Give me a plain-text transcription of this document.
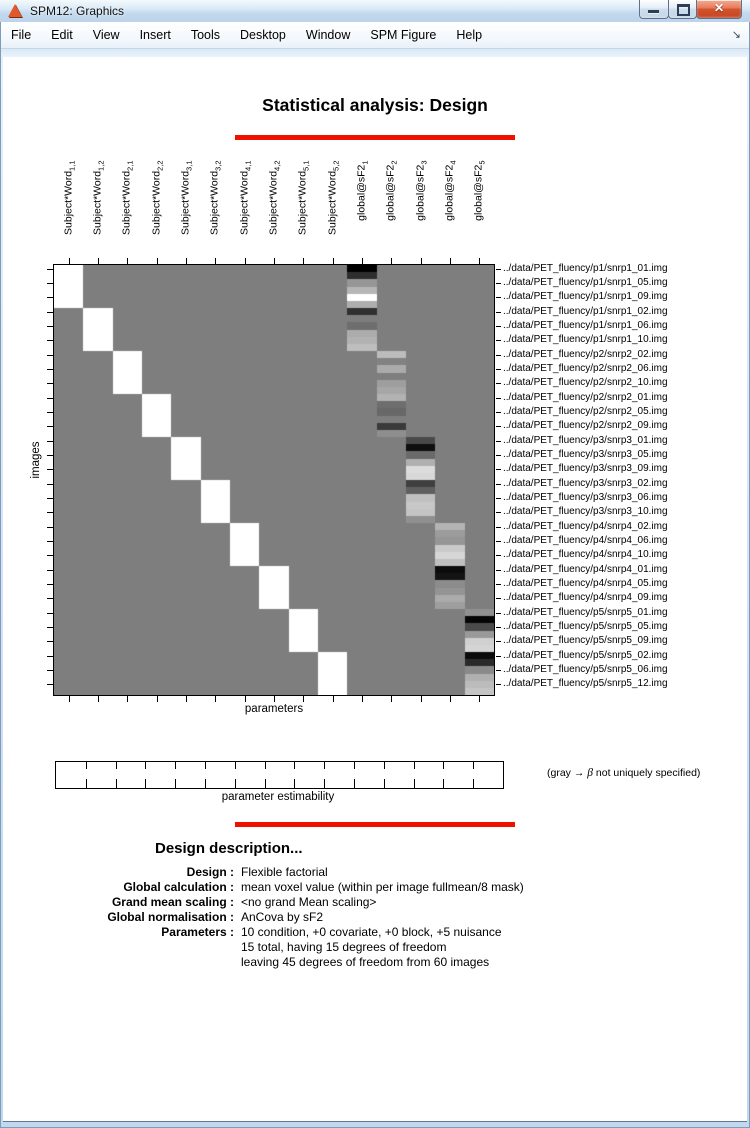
SPM12: Graphics	✕
File	Edit	View	Insert	Tools	Desktop	Window	SPM Figure	Help	↘
Statistical analysis: Design
Subject*Word$_{1,1}$
Subject*Word$_{1,2}$
Subject*Word$_{2,1}$
Subject*Word$_{2,2}$
Subject*Word$_{3,1}$
Subject*Word$_{3,2}$
Subject*Word$_{4,1}$
Subject*Word$_{4,2}$
Subject*Word$_{5,1}$
Subject*Word$_{5,2}$ $global@sF2_1$
$global@sF2_2$
$global@sF2_3$
$global@sF2_4$
$global@sF2_5$
../data/PET_fluency/p1/snrp1_01.img
../data/PET_fluency/p1/snrp1_05.img
../data/PET_fluency/p1/snrp1_09.img
../data/PET_fluency/p1/snrp1_02.img
../data/PET_fluency/p1/snrp1_06.img
../data/PET_fluency/p1/snrp1_10.img
../data/PET_fluency/p2/snrp2_02.img
../data/PET_fluency/p2/snrp2_06.img
../data/PET_fluency/p2/snrp2_10.img
../data/PET_fluency/p2/snrp2_01.img
../data/PET_fluency/p2/snrp2_05.img
../data/PET_fluency/p2/snrp2_09.img
../data/PET_fluency/p3/snrp3_01.img
../data/PET_fluency/p3/snrp3_05.img
../data/PET_fluency/p3/snrp3_09.img
../data/PET_fluency/p3/snrp3_02.img
../data/PET_fluency/p3/snrp3_06.img
../data/PET_fluency/p3/snrp3_10.img
../data/PET_fluency/p4/snrp4_02.img
../data/PET_fluency/p4/snrp4_06.img
../data/PET_fluency/p4/snrp4_10.img
../data/PET_fluency/p4/snrp4_01.img
../data/PET_fluency/p4/snrp4_05.img
../data/PET_fluency/p4/snrp4_09.img
../data/PET_fluency/p5/snrp5_01.img
../data/PET_fluency/p5/snrp5_05.img
../data/PET_fluency/p5/snrp5_09.img
../data/PET_fluency/p5/snrp5_02.img
../data/PET_fluency/p5/snrp5_06.img
../data/PET_fluency/p5/snrp5_12.img
images
parameters
parameter estimability
(gray → β not uniquely specified)
Design description...
Design : Flexible factorial
Global calculation : mean voxel value (within per image fullmean/8 mask)
Grand mean scaling : <no grand Mean scaling>
Global normalisation : AnCova by sF2
Parameters : 10 condition, +0 covariate, +0 block, +5 nuisance
15 total, having 15 degrees of freedom
leaving 45 degrees of freedom from 60 images
